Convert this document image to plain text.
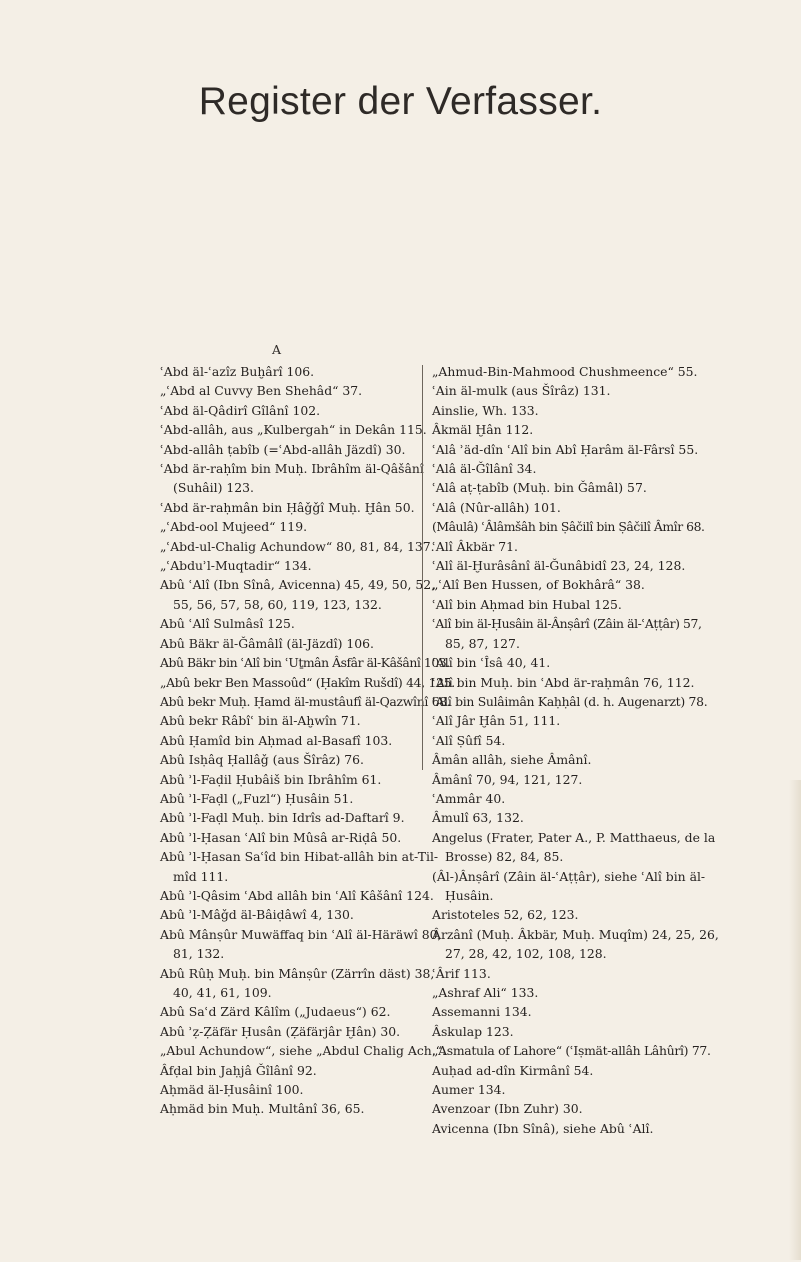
Register der Verfasser.
A

ʿAbd äl-ʿazîz Buḫârî 106.

„ʿAbd al Cuvvy Ben Shehâd“ 37.

ʿAbd äl-Qâdirî Gîlânî 102.

ʿAbd-allâh, aus „Kulbergah“ in Dekân 115.

ʿAbd-allâh ṭabîb (=ʿAbd-allâh Jäzdî) 30.

ʿAbd är-raḥîm bin Muḥ. Ibrâhîm äl-Qâšânî

(Suhâil) 123.

ʿAbd är-raḥmân bin Ḥâǧǧî Muḥ. Ḫân 50.

„ʿAbd-ool Mujeed“ 119.

„ʿAbd-ul-Chalig Achundow“ 80, 81, 84, 137.

„ʿAbduʾl-Muqtadir“ 134.

Abû ʿAlî (Ibn Sînâ, Avicenna) 45, 49, 50, 52,

55, 56, 57, 58, 60, 119, 123, 132.

Abû ʿAlî Sulmâsî 125.

Abû Bäkr äl-Ǧâmâlî (äl-Jäzdî) 106.

Abû Bäkr bin ʿAlî bin ʿUṯmân Âsfâr äl-Kâšânî 103.

„Abû bekr Ben Massoûd“ (Ḥakîm Rušdî) 44, 125.

Abû bekr Muḥ. Ḥamd äl-mustâufî äl-Qazwînî 68.

Abû bekr Râbîʿ bin äl-Aḫwîn 71.

Abû Ḥamîd bin Aḥmad al-Basafî 103.

Abû Isḥâq Ḥallâǧ (aus Šîrâz) 76.

Abû ʾl-Faḍil Ḥubâiš bin Ibrâhîm 61.

Abû ʾl-Faḍl („Fuzl“) Ḥusâin 51.

Abû ʾl-Faḍl Muḥ. bin Idrîs ad-Daftarî 9.

Abû ʾl-Ḥasan ʿAlî bin Mûsâ ar-Riḍâ 50.

Abû ʾl-Ḥasan Saʿîd bin Hibat-allâh bin at-Til-

mîd 111.

Abû ʾl-Qâsim ʿAbd allâh bin ʿAlî Kâšânî 124.

Abû ʾl-Mâǧd äl-Bâiḍâwî 4, 130.

Abû Mânṣûr Muwäffaq bin ʿAlî äl-Häräwî 80,

81, 132.

Abû Rûḥ Muḥ. bin Mânṣûr (Zärrîn däst) 38,

40, 41, 61, 109.

Abû Saʿd Zärd Kâlîm („Judaeus“) 62.

Abû ʾẓ-Ẓäfär Ḥusân (Ẓäfärjâr Ḫân) 30.

„Abul Achundow“, siehe „Abdul Chalig Ach.“.

Âfḍal bin Jaḥjâ Ǧîlânî 92.

Aḥmäd äl-Ḥusâinî 100.

Aḥmäd bin Muḥ. Multânî 36, 65.

„Ahmud-Bin-Mahmood Chushmeence“ 55.

ʿAin äl-mulk (aus Šîrâz) 131.

Ainslie, Wh. 133.

Âkmäl Ḫân 112.

ʿAlâ ʾäd-dîn ʿAlî bin Abî Ḥarâm äl-Fârsî 55.

ʿAlâ äl-Ǧîlânî 34.

ʿAlâ aṭ-ṭabîb (Muḥ. bin Ǧâmâl) 57.

ʿAlâ (Nûr-allâh) 101.

(Mâulâ) ʿÂlâmšâh bin Ṣâčilî bin Ṣâčilî Âmîr 68.

ʿAlî Âkbär 71.

ʿAlî äl-Ḫurâsânî äl-Ǧunâbidî 23, 24, 128.

„ʿAlî Ben Hussen, of Bokhârâ“ 38.

ʿAlî bin Aḥmad bin Hubal 125.

ʿAlî bin äl-Ḥusâin äl-Ânṣârî (Zâin äl-ʿAṭṭâr) 57,

85, 87, 127.

ʿAlî bin ʿÎsâ 40, 41.

ʿAlî bin Muḥ. bin ʿAbd är-raḥmân 76, 112.

ʿAlî bin Sulâimân Kaḥḥâl (d. h. Augenarzt) 78.

ʿAlî Jâr Ḫân 51, 111.

ʿAlî Ṣûfî 54.

Âmân allâh, siehe Âmânî.

Âmânî 70, 94, 121, 127.

ʿAmmâr 40.

Âmulî 63, 132.

Angelus (Frater, Pater A., P. Matthaeus, de la

Brosse) 82, 84, 85.

(Âl-)Ânṣârî (Zâin äl-ʿAṭṭâr), siehe ʿAlî bin äl-

Ḥusâin.

Aristoteles 52, 62, 123.

Ârzânî (Muḥ. Âkbär, Muḥ. Muqîm) 24, 25, 26,

27, 28, 42, 102, 108, 128.

ʿÂrif 113.

„Ashraf Ali“ 133.

Assemanni 134.

Âskulap 123.

„Asmatula of Lahore“ (ʿIṣmät-allâh Lâhûrî) 77.

Auḥad ad-dîn Kirmânî 54.

Aumer 134.

Avenzoar (Ibn Zuhr) 30.

Avicenna (Ibn Sînâ), siehe Abû ʿAlî.
